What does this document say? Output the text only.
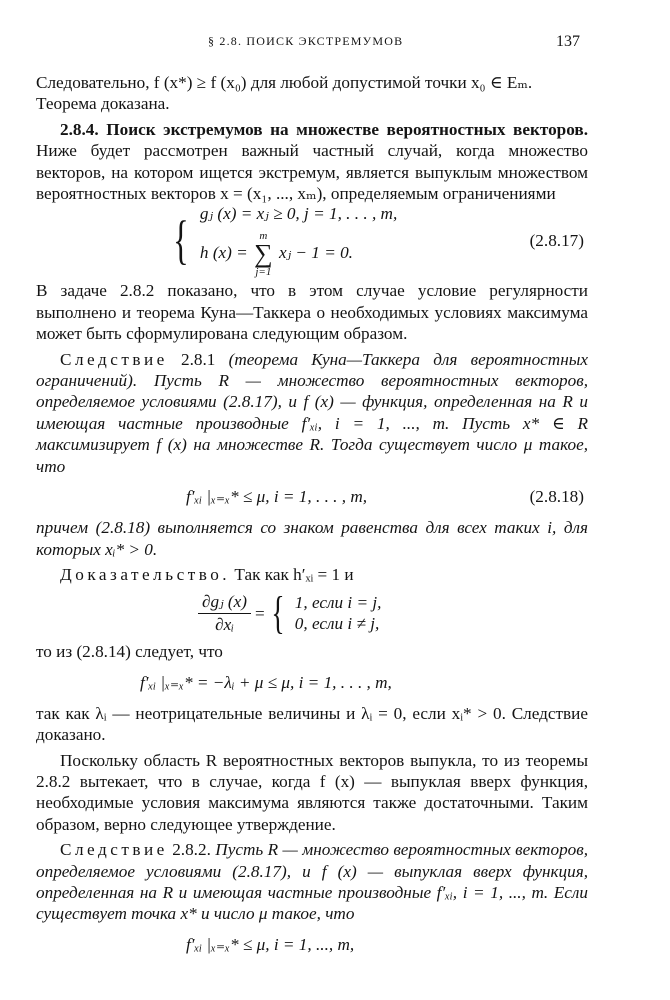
§ 2.8. ПОИСК ЭКСТРЕМУМОВ	137

Следовательно, f (x*) ≥ f (x₀) для любой допустимой точки x₀ ∈ Eₘ.
Теорема доказана.

2.8.4. Поиск экстремумов на множестве вероятностных векторов. Ниже будет рассмотрен важный частный случай, когда множество векторов, на котором ищется экстремум, является выпуклым множеством вероятностных векторов x = (x₁, ..., xₘ), определяемым ограничениями

{ gⱼ (x) = xⱼ ≥ 0, j = 1, . . . , m,
h (x) =
m
∑
j=1
xⱼ − 1 = 0.
(2.8.17)

В задаче 2.8.2 показано, что в этом случае условие регулярности выполнено и теорема Куна—Таккера о необходимых условиях максимума может быть сформулирована следующим образом.

Следствие 2.8.1 (теорема Куна—Таккера для вероятностных ограничений). Пусть R — множество вероятностных векторов, определяемое условиями (2.8.17), и f (x) — функция, определенная на R и имеющая частные производные f′ₓᵢ, i = 1, ..., m. Пусть x* ∈ R максимизирует f (x) на множестве R. Тогда существует число μ такое, что

f′ₓᵢ |ₓ₌ₓ* ≤ μ, i = 1, . . . , m,	(2.8.18)

причем (2.8.18) выполняется со знаком равенства для всех таких i, для которых xᵢ* > 0.

Доказательство. Так как h′ₓᵢ = 1 и

$\frac{\text{∂gⱼ (x)}}{\text{∂xᵢ}}$ = { 1, если i = j,
0, если i ≠ j,

то из (2.8.14) следует, что

f′ₓᵢ |ₓ₌ₓ* = −λᵢ + μ ≤ μ, i = 1, . . . , m,

так как λᵢ — неотрицательные величины и λᵢ = 0, если xᵢ* > 0. Следствие доказано.

Поскольку область R вероятностных векторов выпукла, то из теоремы 2.8.2 вытекает, что в случае, когда f (x) — выпуклая вверх функция, необходимые условия максимума являются также достаточными. Таким образом, верно следующее утверждение.

Следствие 2.8.2. Пусть R — множество вероятностных векторов, определяемое условиями (2.8.17), и f (x) — выпуклая вверх функция, определенная на R и имеющая частные производные f′ₓᵢ, i = 1, ..., m. Если существует точка x* и число μ такое, что

f′ₓᵢ |ₓ₌ₓ* ≤ μ, i = 1, ..., m,
